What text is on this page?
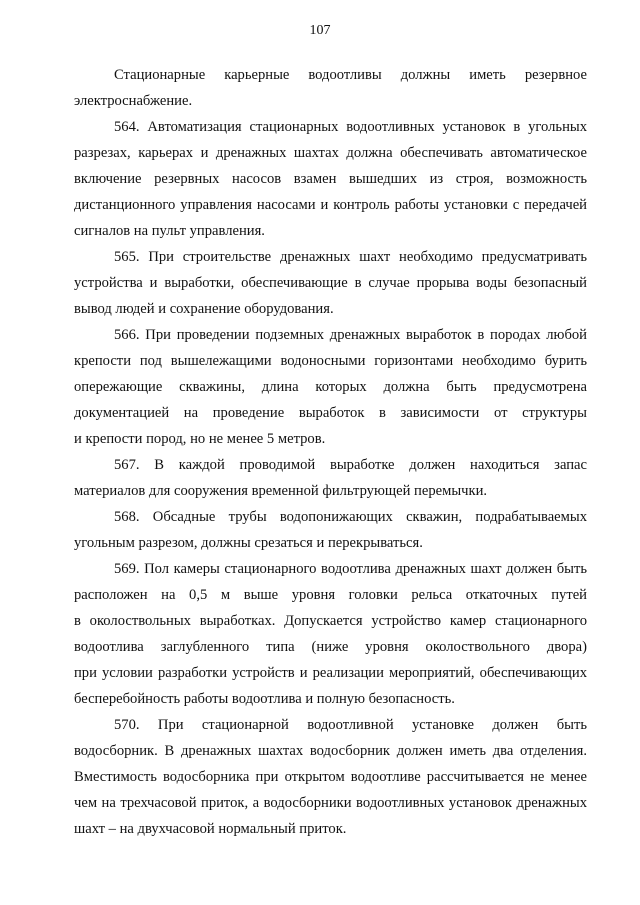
107

Стационарные карьерные водоотливы должны иметь резервное
электроснабжение.

564. Автоматизация стационарных водоотливных установок в угольных
разрезах, карьерах и дренажных шахтах должна обеспечивать автоматическое
включение резервных насосов взамен вышедших из строя, возможность
дистанционного управления насосами и контроль работы установки с передачей
сигналов на пульт управления.

565. При строительстве дренажных шахт необходимо предусматривать
устройства и выработки, обеспечивающие в случае прорыва воды безопасный
вывод людей и сохранение оборудования.

566. При проведении подземных дренажных выработок в породах любой
крепости под вышележащими водоносными горизонтами необходимо бурить
опережающие скважины, длина которых должна быть предусмотрена
документацией на проведение выработок в зависимости от структуры
и крепости пород, но не менее 5 метров.

567. В каждой проводимой выработке должен находиться запас
материалов для сооружения временной фильтрующей перемычки.

568. Обсадные трубы водопонижающих скважин, подрабатываемых
угольным разрезом, должны срезаться и перекрываться.

569. Пол камеры стационарного водоотлива дренажных шахт должен быть
расположен на 0,5 м выше уровня головки рельса откаточных путей
в околоствольных выработках. Допускается устройство камер стационарного
водоотлива заглубленного типа (ниже уровня околоствольного двора)
при условии разработки устройств и реализации мероприятий, обеспечивающих
бесперебойность работы водоотлива и полную безопасность.

570. При стационарной водоотливной установке должен быть
водосборник. В дренажных шахтах водосборник должен иметь два отделения.
Вместимость водосборника при открытом водоотливе рассчитывается не менее
чем на трехчасовой приток, а водосборники водоотливных установок дренажных
шахт – на двухчасовой нормальный приток.
